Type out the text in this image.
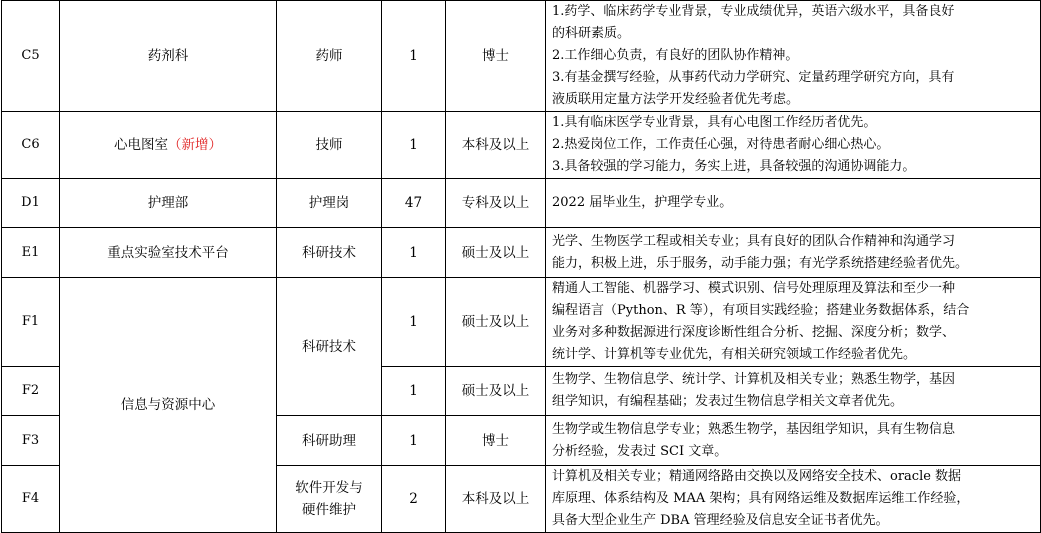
C5	药剂科	药师	1	博士	1.药学、临床药学专业背景，专业成绩优异，英语六级水平，具备良好
的科研素质。
2.工作细心负责，有良好的团队协作精神。
3.有基金撰写经验，从事药代动力学研究、定量药理学研究方向，具有
液质联用定量方法学开发经验者优先考虑。

C6	心电图室（新增）	技师	1	本科及以上	1.具有临床医学专业背景，具有心电图工作经历者优先。
2.热爱岗位工作，工作责任心强，对待患者耐心细心热心。
3.具备较强的学习能力，务实上进，具备较强的沟通协调能力。

D1	护理部	护理岗	47	专科及以上	2022 届毕业生，护理学专业。

E1	重点实验室技术平台	科研技术	1	硕士及以上	光学、生物医学工程或相关专业；具有良好的团队合作精神和沟通学习
能力，积极上进，乐于服务，动手能力强；有光学系统搭建经验者优先。

F1	信息与资源中心	科研技术	1	硕士及以上	精通人工智能、机器学习、模式识别、信号处理原理及算法和至少一种
编程语言（Python、R 等），有项目实践经验；搭建业务数据体系，结合
业务对多种数据源进行深度诊断性组合分析、挖掘、深度分析；数学、
统计学、计算机等专业优先，有相关研究领域工作经验者优先。

F2			1	硕士及以上	生物学、生物信息学、统计学、计算机及相关专业；熟悉生物学，基因
组学知识，有编程基础；发表过生物信息学相关文章者优先。

F3		科研助理	1	博士	生物学或生物信息学专业；熟悉生物学，基因组学知识，具有生物信息
分析经验，发表过 SCI 文章。

F4		软件开发与
硬件维护	2	本科及以上	计算机及相关专业；精通网络路由交换以及网络安全技术、oracle 数据
库原理、体系结构及 MAA 架构；具有网络运维及数据库运维工作经验，
具备大型企业生产 DBA 管理经验及信息安全证书者优先。
